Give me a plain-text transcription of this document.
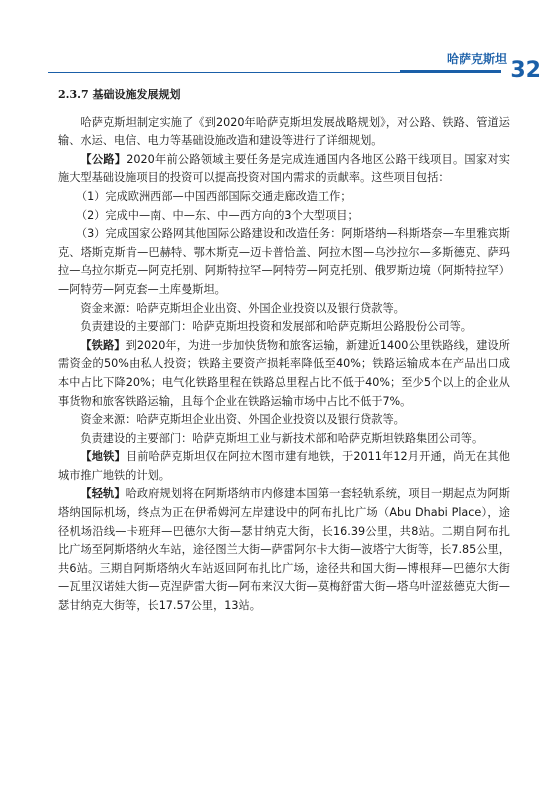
哈萨克斯坦 32
2.3.7 基础设施发展规划

哈萨克斯坦制定实施了《到2020年哈萨克斯坦发展战略规划》，对公路、铁路、管道运输、水运、电信、电力等基础设施改造和建设等进行了详细规划。

【公路】2020年前公路领域主要任务是完成连通国内各地区公路干线项目。国家对实施大型基础设施项目的投资可以提高投资对国内需求的贡献率。这些项目包括：

（1）完成欧洲西部—中国西部国际交通走廊改造工作；

（2）完成中—南、中—东、中—西方向的3个大型项目；

（3）完成国家公路网其他国际公路建设和改造任务：阿斯塔纳—科斯塔奈—车里雅宾斯克、塔斯克斯肯—巴赫特、鄂木斯克—迈卡普恰盖、阿拉木图—乌沙拉尔—多斯德克、萨玛拉—乌拉尔斯克—阿克托别、阿斯特拉罕—阿特劳—阿克托别、俄罗斯边境（阿斯特拉罕）—阿特劳—阿克套—土库曼斯坦。

资金来源：哈萨克斯坦企业出资、外国企业投资以及银行贷款等。

负责建设的主要部门：哈萨克斯坦投资和发展部和哈萨克斯坦公路股份公司等。

【铁路】到2020年，为进一步加快货物和旅客运输，新建近1400公里铁路线，建设所需资金的50%由私人投资；铁路主要资产损耗率降低至40%；铁路运输成本在产品出口成本中占比下降20%；电气化铁路里程在铁路总里程占比不低于40%；至少5个以上的企业从事货物和旅客铁路运输，且每个企业在铁路运输市场中占比不低于7%。

资金来源：哈萨克斯坦企业出资、外国企业投资以及银行贷款等。

负责建设的主要部门：哈萨克斯坦工业与新技术部和哈萨克斯坦铁路集团公司等。

【地铁】目前哈萨克斯坦仅在阿拉木图市建有地铁，于2011年12月开通，尚无在其他城市推广地铁的计划。

【轻轨】哈政府规划将在阿斯塔纳市内修建本国第一套轻轨系统，项目一期起点为阿斯塔纳国际机场，终点为正在伊希姆河左岸建设中的阿布扎比广场（Abu Dhabi Place），途径机场沿线—卡班拜—巴德尔大街—瑟甘纳克大街，长16.39公里，共8站。二期自阿布扎比广场至阿斯塔纳火车站，途径图兰大街—萨雷阿尔卡大街—波塔宁大街等，长7.85公里，共6站。三期自阿斯塔纳火车站返回阿布扎比广场，途径共和国大街—博根拜—巴德尔大街—瓦里汉诺娃大街—克涅萨雷大街—阿布来汉大街—莫梅舒雷大街—塔乌叶涩兹德克大街—瑟甘纳克大街等，长17.57公里，13站。
